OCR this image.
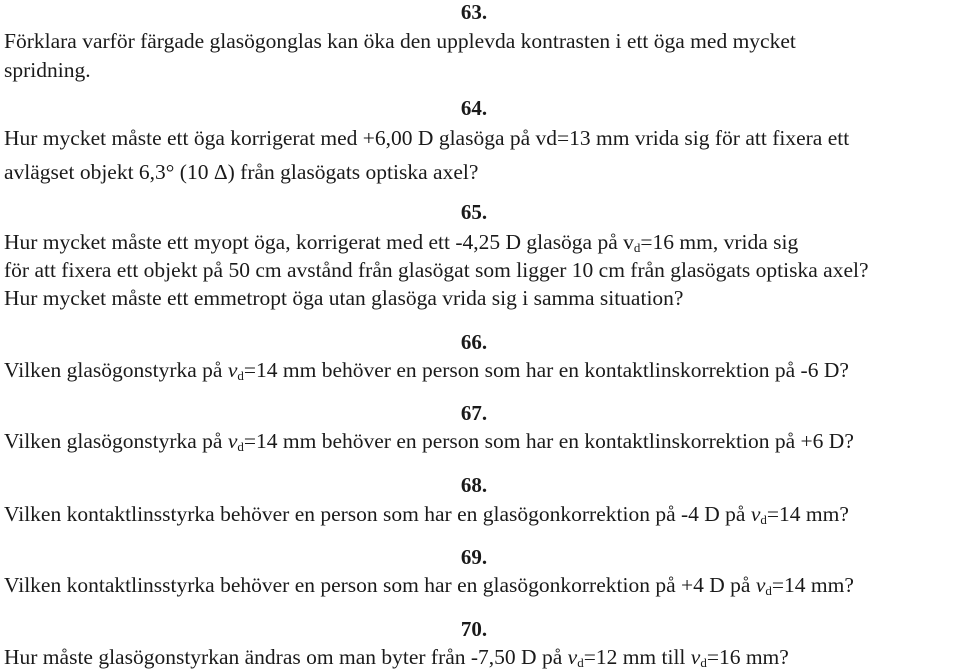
63.
Förklara varför färgade glasögonglas kan öka den upplevda kontrasten i ett öga med mycket
spridning.
64.
Hur mycket måste ett öga korrigerat med +6,00 D glasöga på vd=13 mm vrida sig för att fixera ett
avlägset objekt 6,3° (10 Δ) från glasögats optiska axel?
65.
Hur mycket måste ett myopt öga, korrigerat med ett -4,25 D glasöga på $v_d=16$ mm, vrida sig
för att fixera ett objekt på 50 cm avstånd från glasögat som ligger 10 cm från glasögats optiska axel?
Hur mycket måste ett emmetropt öga utan glasöga vrida sig i samma situation?
66.
Vilken glasögonstyrka på $v_d=14$ mm behöver en person som har en kontaktlinskorrektion på -6 D?
67.
Vilken glasögonstyrka på $v_d=14$ mm behöver en person som har en kontaktlinskorrektion på +6 D?
68.
Vilken kontaktlinsstyrka behöver en person som har en glasögonkorrektion på -4 D på $v_d=14$ mm?
69.
Vilken kontaktlinsstyrka behöver en person som har en glasögonkorrektion på +4 D på $v_d=14$ mm?
70.
Hur måste glasögonstyrkan ändras om man byter från -7,50 D på $v_d=12$ mm till $v_d=16$ mm?
